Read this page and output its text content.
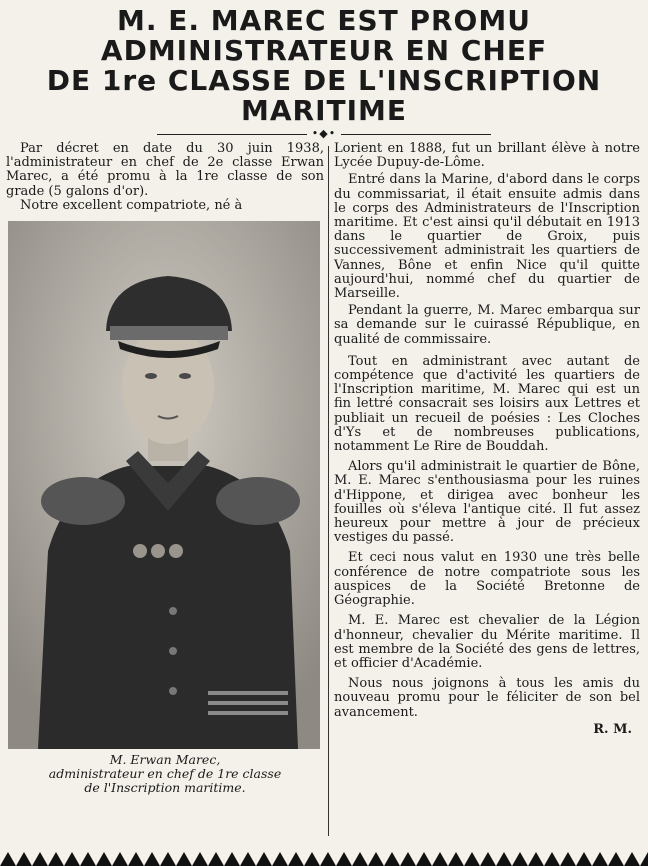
M. E. MAREC EST PROMU
ADMINISTRATEUR EN CHEF
DE 1re CLASSE DE L'INSCRIPTION
MARITIME
•◆•

Par décret en date du 30 juin 1938, l'administrateur en chef de 2e classe Erwan Marec, a été promu à la 1re classe de son grade (5 galons d'or).

Notre excellent compatriote, né à

M. Erwan Marec,
administrateur en chef de 1re classe
de l'Inscription maritime.

Lorient en 1888, fut un brillant élève à notre Lycée Dupuy-de-Lôme.

Entré dans la Marine, d'abord dans le corps du commissariat, il était ensuite admis dans le corps des Administrateurs de l'Inscription maritime. Et c'est ainsi qu'il débutait en 1913 dans le quartier de Groix, puis successivement administrait les quartiers de Vannes, Bône et enfin Nice qu'il quitte aujourd'hui, nommé chef du quartier de Marseille.

Pendant la guerre, M. Marec embarqua sur sa demande sur le cuirassé République, en qualité de commissaire.

Tout en administrant avec autant de compétence que d'activité les quartiers de l'Inscription maritime, M. Marec qui est un fin lettré consacrait ses loisirs aux Lettres et publiait un recueil de poésies : Les Cloches d'Ys et de nombreuses publications, notamment Le Rire de Bouddah.

Alors qu'il administrait le quartier de Bône, M. E. Marec s'enthousiasma pour les ruines d'Hippone, et dirigea avec bonheur les fouilles où s'éleva l'antique cité. Il fut assez heureux pour mettre à jour de précieux vestiges du passé.

Et ceci nous valut en 1930 une très belle conférence de notre compatriote sous les auspices de la Société Bretonne de Géographie.

M. E. Marec est chevalier de la Légion d'honneur, chevalier du Mérite maritime. Il est membre de la Société des gens de lettres, et officier d'Académie.

Nous nous joignons à tous les amis du nouveau promu pour le féliciter de son bel avancement.

R. M.
